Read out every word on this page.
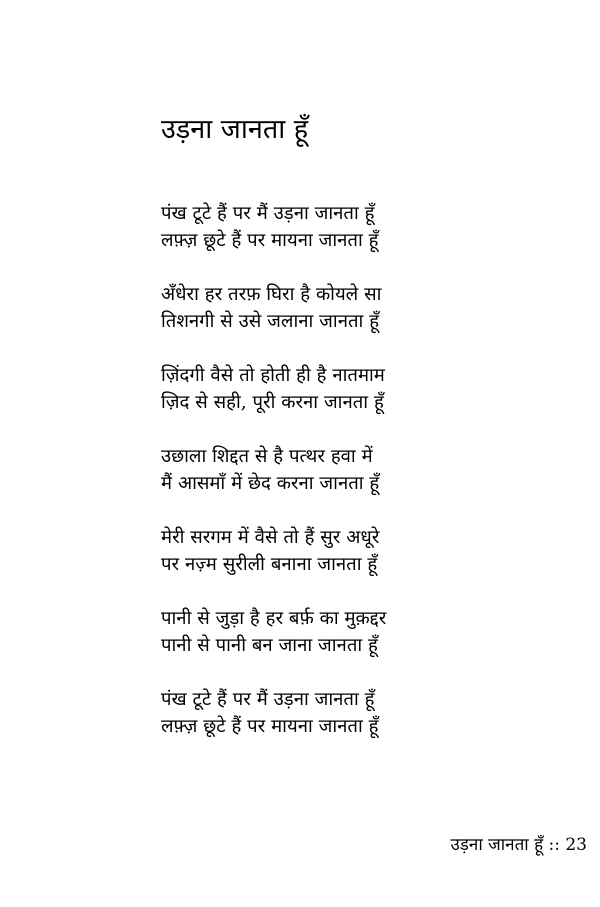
उड़ना जानता हूँ
पंख टूटे हैं पर मैं उड़ना जानता हूँ
लफ़्ज़ छूटे हैं पर मायना जानता हूँ
अँधेरा हर तरफ़ घिरा है कोयले सा
तिशनगी से उसे जलाना जानता हूँ
ज़िंदगी वैसे तो होती ही है नातमाम
ज़िद से सही, पूरी करना जानता हूँ
उछाला शिद्दत से है पत्थर हवा में
मैं आसमाँ में छेद करना जानता हूँ
मेरी सरगम में वैसे तो हैं सुर अधूरे
पर नज़्म सुरीली बनाना जानता हूँ
पानी से जुड़ा है हर बर्फ़ का मुक़द्दर
पानी से पानी बन जाना जानता हूँ
पंख टूटे हैं पर मैं उड़ना जानता हूँ
लफ़्ज़ छूटे हैं पर मायना जानता हूँ
उड़ना जानता हूँ :: 23
